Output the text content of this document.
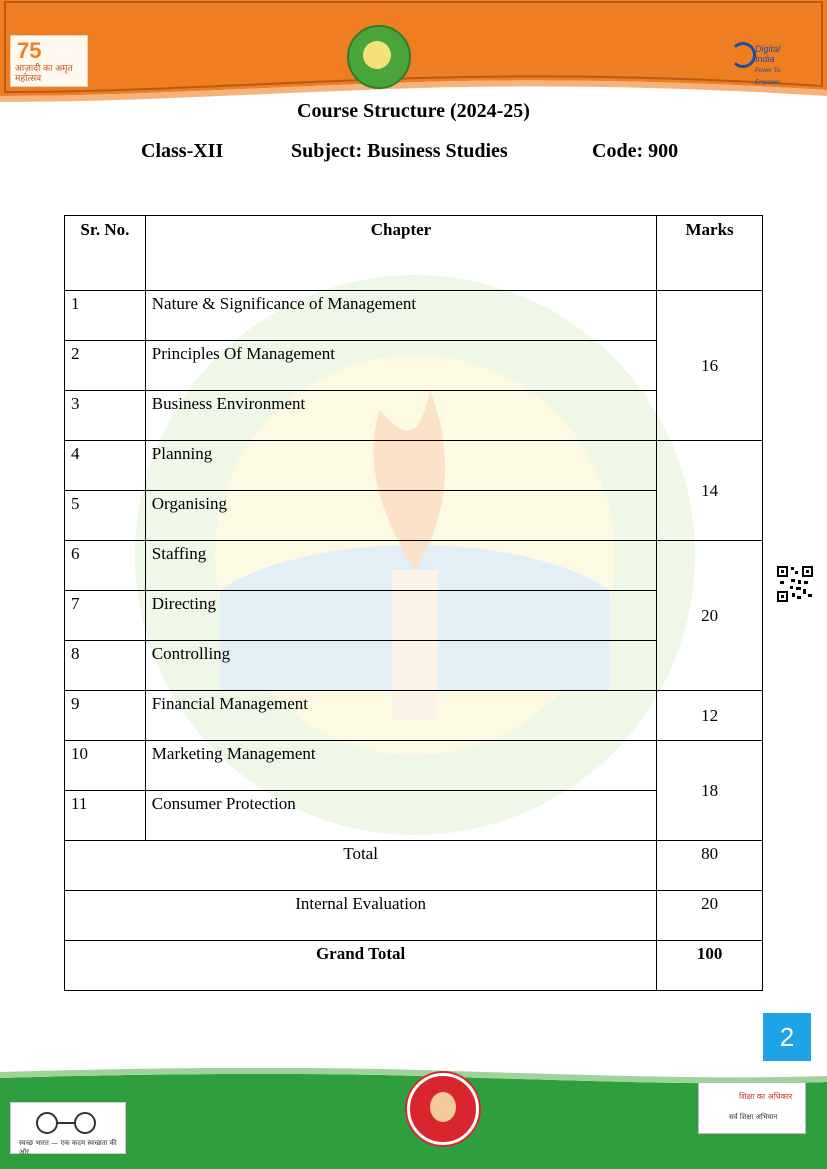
75
आज़ादी का अमृत महोत्सव
Digital India
Power To Empower
Course Structure (2024-25)
Class-XII	Subject: Business Studies	Code: 900
Sr. No.	Chapter	Marks
1	Nature & Significance of Management	16
2	Principles Of Management	
3	Business Environment	
4	Planning	14
5	Organising	
6	Staffing	20
7	Directing	
8	Controlling	
9	Financial Management	12
10	Marketing Management	18
11	Consumer Protection	
Total		80
Internal Evaluation		20
Grand Total		100
2
स्वच्छ भारत — एक कदम स्वच्छता की ओर
शिक्षा का अधिकार
सर्व शिक्षा अभियान
